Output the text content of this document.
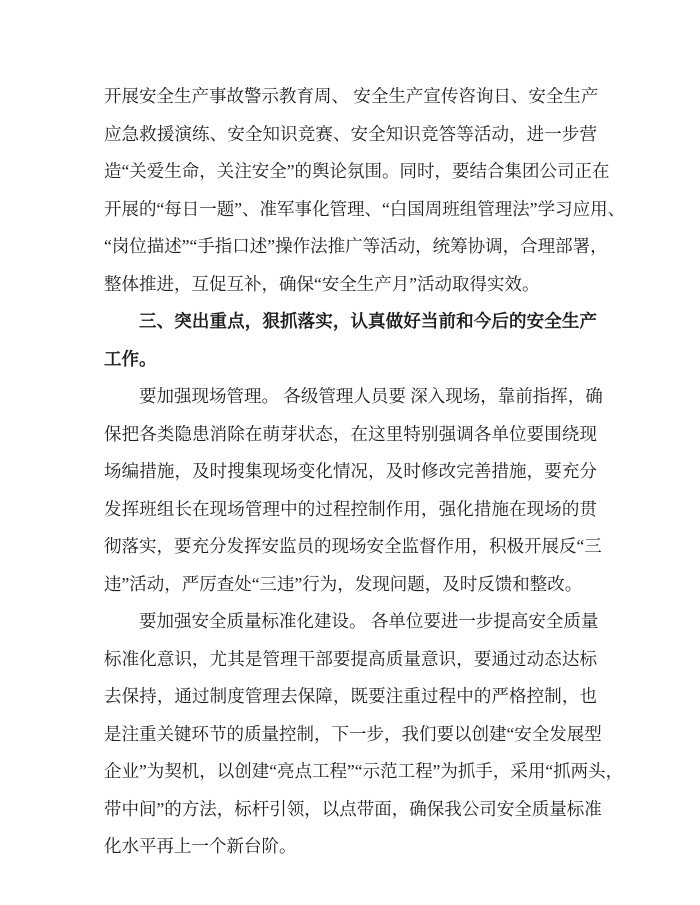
开展安全生产事故警示教育周、 安全生产宣传咨询日、安全生产
应急救援演练、安全知识竞赛、安全知识竞答等活动，进一步营
造“关爱生命，关注安全”的舆论氛围。同时，要结合集团公司正在
开展的“每日一题”、准军事化管理、“白国周班组管理法”学习应用、
“岗位描述”“手指口述”操作法推广等活动，统筹协调，合理部署，
整体推进，互促互补，确保“安全生产月”活动取得实效。
三、突出重点，狠抓落实，认真做好当前和今后的安全生产
工作。
要加强现场管理。 各级管理人员要 深入现场，靠前指挥，确
保把各类隐患消除在萌芽状态，在这里特别强调各单位要围绕现
场编措施，及时搜集现场变化情况，及时修改完善措施，要充分
发挥班组长在现场管理中的过程控制作用，强化措施在现场的贯
彻落实，要充分发挥安监员的现场安全监督作用，积极开展反“三
违”活动，严厉查处“三违”行为，发现问题，及时反馈和整改。
要加强安全质量标准化建设。 各单位要进一步提高安全质量
标准化意识，尤其是管理干部要提高质量意识，要通过动态达标
去保持，通过制度管理去保障，既要注重过程中的严格控制，也
是注重关键环节的质量控制，下一步，我们要以创建“安全发展型
企业”为契机，以创建“亮点工程”“示范工程”为抓手，采用“抓两头，
带中间”的方法，标杆引领，以点带面，确保我公司安全质量标准
化水平再上一个新台阶。
